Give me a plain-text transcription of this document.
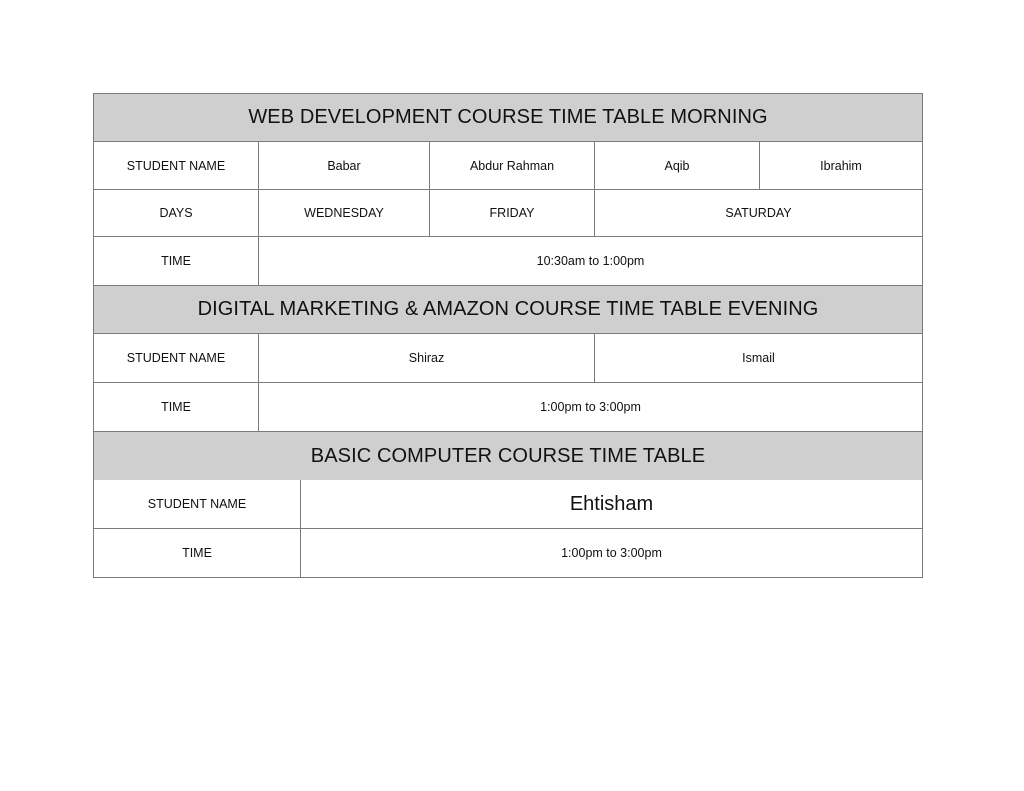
WEB DEVELOPMENT COURSE TIME TABLE MORNING
STUDENT NAME	Babar	Abdur Rahman	Aqib	Ibrahim
DAYS	WEDNESDAY	FRIDAY	SATURDAY
TIME	10:30am to 1:00pm
DIGITAL MARKETING & AMAZON COURSE TIME TABLE EVENING
STUDENT NAME	Shiraz	Ismail
TIME	1:00pm to 3:00pm
BASIC COMPUTER COURSE TIME TABLE
STUDENT NAME	Ehtisham
TIME	1:00pm to 3:00pm
